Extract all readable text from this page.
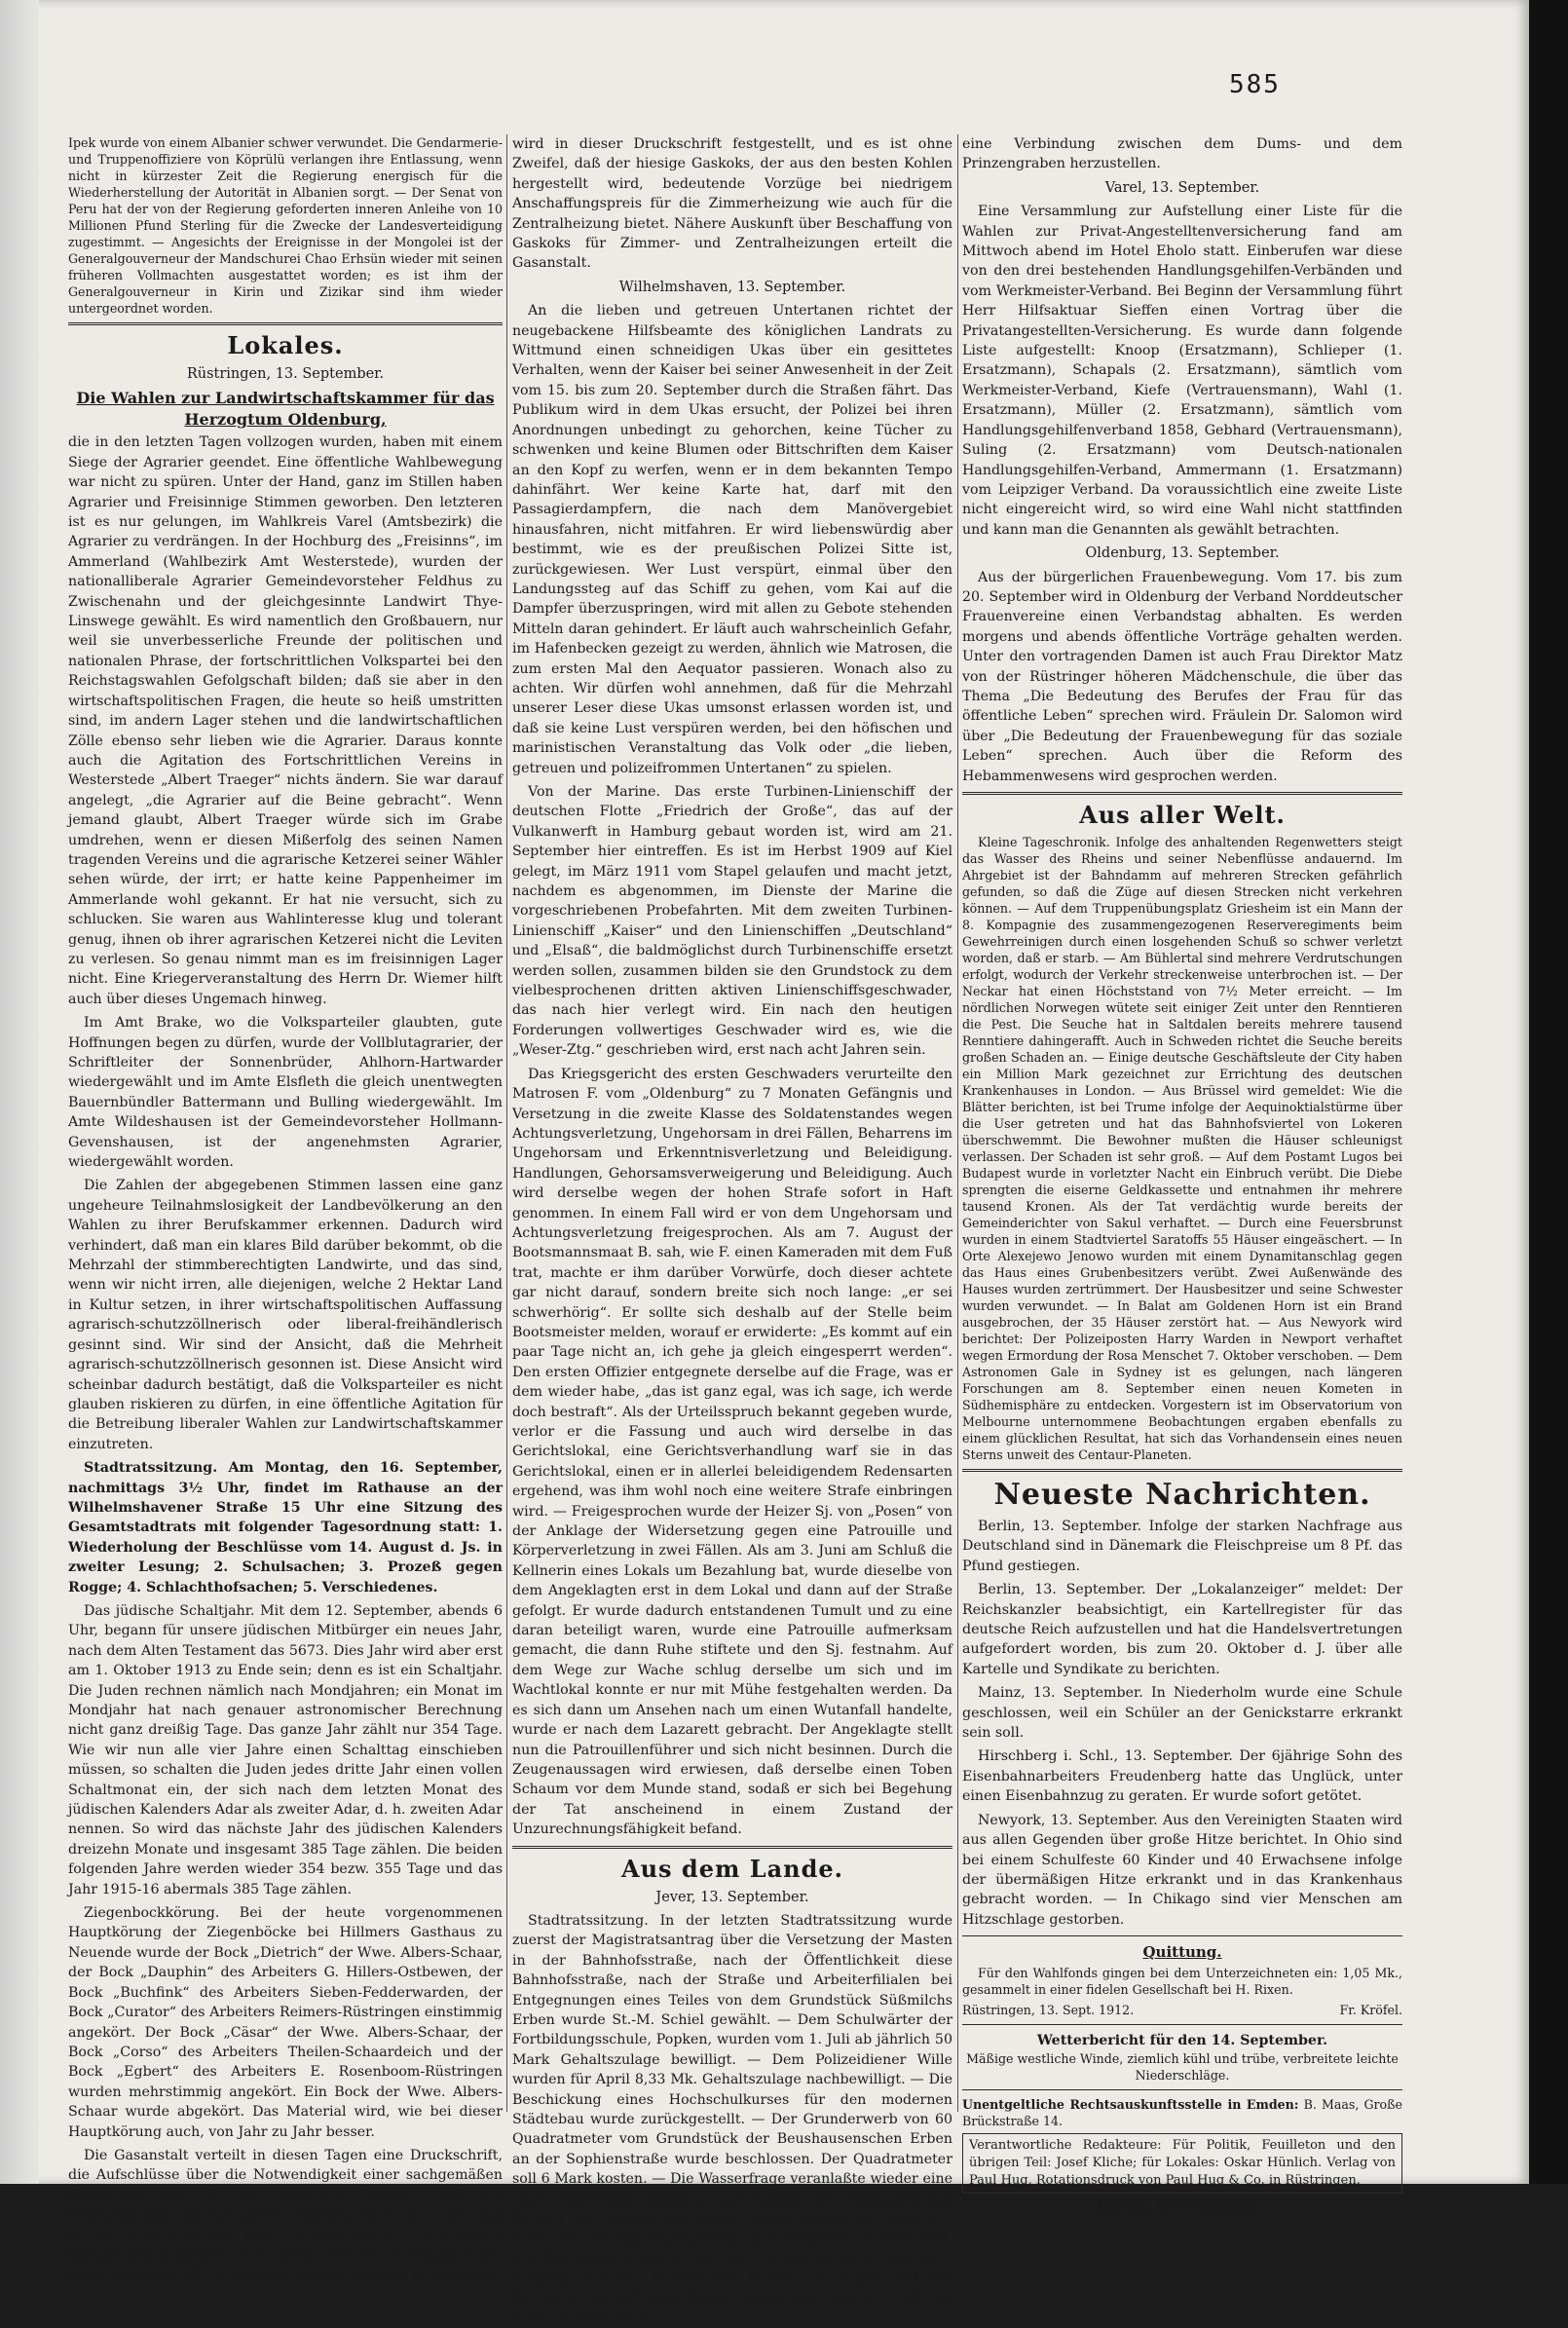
585

Ipek wurde von einem Albanier schwer verwundet. Die Gendarmerie- und Truppenoffiziere von Köprülü verlangen ihre Entlassung, wenn nicht in kürzester Zeit die Regierung energisch für die Wiederherstellung der Autorität in Albanien sorgt. — Der Senat von Peru hat der von der Regierung geforderten inneren Anleihe von 10 Millionen Pfund Sterling für die Zwecke der Landesverteidigung zugestimmt. — Angesichts der Ereignisse in der Mongolei ist der Generalgouverneur der Mandschurei Chao Erhsün wieder mit seinen früheren Vollmachten ausgestattet worden; es ist ihm der Generalgouverneur in Kirin und Zizikar sind ihm wieder untergeordnet worden.

Lokales.
Rüstringen, 13. September.
Die Wahlen zur Landwirtschaftskammer für das Herzogtum Oldenburg,

die in den letzten Tagen vollzogen wurden, haben mit einem Siege der Agrarier geendet. Eine öffentliche Wahlbewegung war nicht zu spüren. Unter der Hand, ganz im Stillen haben Agrarier und Freisinnige Stimmen geworben. Den letzteren ist es nur gelungen, im Wahlkreis Varel (Amtsbezirk) die Agrarier zu verdrängen. In der Hochburg des „Freisinns“, im Ammerland (Wahlbezirk Amt Westerstede), wurden der nationalliberale Agrarier Gemeindevorsteher Feldhus zu Zwischenahn und der gleichgesinnte Landwirt Thye-Linswege gewählt. Es wird namentlich den Großbauern, nur weil sie unverbesserliche Freunde der politischen und nationalen Phrase, der fortschrittlichen Volkspartei bei den Reichstagswahlen Gefolgschaft bilden; daß sie aber in den wirtschaftspolitischen Fragen, die heute so heiß umstritten sind, im andern Lager stehen und die landwirtschaftlichen Zölle ebenso sehr lieben wie die Agrarier. Daraus konnte auch die Agitation des Fortschrittlichen Vereins in Westerstede „Albert Traeger“ nichts ändern. Sie war darauf angelegt, „die Agrarier auf die Beine gebracht“. Wenn jemand glaubt, Albert Traeger würde sich im Grabe umdrehen, wenn er diesen Mißerfolg des seinen Namen tragenden Vereins und die agrarische Ketzerei seiner Wähler sehen würde, der irrt; er hatte keine Pappenheimer im Ammerlande wohl gekannt. Er hat nie versucht, sich zu schlucken. Sie waren aus Wahlinteresse klug und tolerant genug, ihnen ob ihrer agrarischen Ketzerei nicht die Leviten zu verlesen. So genau nimmt man es im freisinnigen Lager nicht. Eine Kriegerveranstaltung des Herrn Dr. Wiemer hilft auch über dieses Ungemach hinweg.

Im Amt Brake, wo die Volksparteiler glaubten, gute Hoffnungen begen zu dürfen, wurde der Vollblutagrarier, der Schriftleiter der Sonnenbrüder, Ahlhorn-Hartwarder wiedergewählt und im Amte Elsfleth die gleich unentwegten Bauernbündler Battermann und Bulling wiedergewählt. Im Amte Wildeshausen ist der Gemeindevorsteher Hollmann-Gevenshausen, ist der angenehmsten Agrarier, wiedergewählt worden.

Die Zahlen der abgegebenen Stimmen lassen eine ganz ungeheure Teilnahmslosigkeit der Landbevölkerung an den Wahlen zu ihrer Berufskammer erkennen. Dadurch wird verhindert, daß man ein klares Bild darüber bekommt, ob die Mehrzahl der stimmberechtigten Landwirte, und das sind, wenn wir nicht irren, alle diejenigen, welche 2 Hektar Land in Kultur setzen, in ihrer wirtschaftspolitischen Auffassung agrarisch-schutzzöllnerisch oder liberal-freihändlerisch gesinnt sind. Wir sind der Ansicht, daß die Mehrheit agrarisch-schutzzöllnerisch gesonnen ist. Diese Ansicht wird scheinbar dadurch bestätigt, daß die Volksparteiler es nicht glauben riskieren zu dürfen, in eine öffentliche Agitation für die Betreibung liberaler Wahlen zur Landwirtschaftskammer einzutreten.

Stadtratssitzung. Am Montag, den 16. September, nachmittags 3½ Uhr, findet im Rathause an der Wilhelmshavener Straße 15 Uhr eine Sitzung des Gesamtstadtrats mit folgender Tagesordnung statt: 1. Wiederholung der Beschlüsse vom 14. August d. Js. in zweiter Lesung; 2. Schulsachen; 3. Prozeß gegen Rogge; 4. Schlachthofsachen; 5. Verschiedenes.

Das jüdische Schaltjahr. Mit dem 12. September, abends 6 Uhr, begann für unsere jüdischen Mitbürger ein neues Jahr, nach dem Alten Testament das 5673. Dies Jahr wird aber erst am 1. Oktober 1913 zu Ende sein; denn es ist ein Schaltjahr. Die Juden rechnen nämlich nach Mondjahren; ein Monat im Mondjahr hat nach genauer astronomischer Berechnung nicht ganz dreißig Tage. Das ganze Jahr zählt nur 354 Tage. Wie wir nun alle vier Jahre einen Schalttag einschieben müssen, so schalten die Juden jedes dritte Jahr einen vollen Schaltmonat ein, der sich nach dem letzten Monat des jüdischen Kalenders Adar als zweiter Adar, d. h. zweiten Adar nennen. So wird das nächste Jahr des jüdischen Kalenders dreizehn Monate und insgesamt 385 Tage zählen. Die beiden folgenden Jahre werden wieder 354 bezw. 355 Tage und das Jahr 1915-16 abermals 385 Tage zählen.

Ziegenbockkörung. Bei der heute vorgenommenen Hauptkörung der Ziegenböcke bei Hillmers Gasthaus zu Neuende wurde der Bock „Dietrich“ der Wwe. Albers-Schaar, der Bock „Dauphin“ des Arbeiters G. Hillers-Ostbewen, der Bock „Buchfink“ des Arbeiters Sieben-Fedderwarden, der Bock „Curator“ des Arbeiters Reimers-Rüstringen einstimmig angekört. Der Bock „Cäsar“ der Wwe. Albers-Schaar, der Bock „Corso“ des Arbeiters Theilen-Schaardeich und der Bock „Egbert“ des Arbeiters E. Rosenboom-Rüstringen wurden mehrstimmig angekört. Ein Bock der Wwe. Albers-Schaar wurde abgekört. Das Material wird, wie bei dieser Hauptkörung auch, von Jahr zu Jahr besser.

Die Gasanstalt verteilt in diesen Tagen eine Druckschrift, die Aufschlüsse über die Notwendigkeit einer sachgemäßen Beheizung gibt. Bei der heutigen Tatsache, daß die Heizungsfrage, die für unsere Volksbefinden im Winter von großer Bedeutung ist, noch vielfach mit einem geringen Verständnis behandelt wird, wenn man die Wichtigkeit der Frage verkennt. Die Bedeutung von Gaskoks als Heizmaterial

wird in dieser Druckschrift festgestellt, und es ist ohne Zweifel, daß der hiesige Gaskoks, der aus den besten Kohlen hergestellt wird, bedeutende Vorzüge bei niedrigem Anschaffungspreis für die Zimmerheizung wie auch für die Zentralheizung bietet. Nähere Auskunft über Beschaffung von Gaskoks für Zimmer- und Zentralheizungen erteilt die Gasanstalt.

Wilhelmshaven, 13. September.

An die lieben und getreuen Untertanen richtet der neugebackene Hilfsbeamte des königlichen Landrats zu Wittmund einen schneidigen Ukas über ein gesittetes Verhalten, wenn der Kaiser bei seiner Anwesenheit in der Zeit vom 15. bis zum 20. September durch die Straßen fährt. Das Publikum wird in dem Ukas ersucht, der Polizei bei ihren Anordnungen unbedingt zu gehorchen, keine Tücher zu schwenken und keine Blumen oder Bittschriften dem Kaiser an den Kopf zu werfen, wenn er in dem bekannten Tempo dahinfährt. Wer keine Karte hat, darf mit den Passagierdampfern, die nach dem Manövergebiet hinausfahren, nicht mitfahren. Er wird liebenswürdig aber bestimmt, wie es der preußischen Polizei Sitte ist, zurückgewiesen. Wer Lust verspürt, einmal über den Landungssteg auf das Schiff zu gehen, vom Kai auf die Dampfer überzuspringen, wird mit allen zu Gebote stehenden Mitteln daran gehindert. Er läuft auch wahrscheinlich Gefahr, im Hafenbecken gezeigt zu werden, ähnlich wie Matrosen, die zum ersten Mal den Aequator passieren. Wonach also zu achten. Wir dürfen wohl annehmen, daß für die Mehrzahl unserer Leser diese Ukas umsonst erlassen worden ist, und daß sie keine Lust verspüren werden, bei den höfischen und marinistischen Veranstaltung das Volk oder „die lieben, getreuen und polizeifrommen Untertanen“ zu spielen.

Von der Marine. Das erste Turbinen-Linienschiff der deutschen Flotte „Friedrich der Große“, das auf der Vulkanwerft in Hamburg gebaut worden ist, wird am 21. September hier eintreffen. Es ist im Herbst 1909 auf Kiel gelegt, im März 1911 vom Stapel gelaufen und macht jetzt, nachdem es abgenommen, im Dienste der Marine die vorgeschriebenen Probefahrten. Mit dem zweiten Turbinen-Linienschiff „Kaiser“ und den Linienschiffen „Deutschland“ und „Elsaß“, die baldmöglichst durch Turbinenschiffe ersetzt werden sollen, zusammen bilden sie den Grundstock zu dem vielbesprochenen dritten aktiven Linienschiffsgeschwader, das nach hier verlegt wird. Ein nach den heutigen Forderungen vollwertiges Geschwader wird es, wie die „Weser-Ztg.“ geschrieben wird, erst nach acht Jahren sein.

Das Kriegsgericht des ersten Geschwaders verurteilte den Matrosen F. vom „Oldenburg“ zu 7 Monaten Gefängnis und Versetzung in die zweite Klasse des Soldatenstandes wegen Achtungsverletzung, Ungehorsam in drei Fällen, Beharrens im Ungehorsam und Erkenntnisverletzung und Beleidigung. Handlungen, Gehorsamsverweigerung und Beleidigung. Auch wird derselbe wegen der hohen Strafe sofort in Haft genommen. In einem Fall wird er von dem Ungehorsam und Achtungsverletzung freigesprochen. Als am 7. August der Bootsmannsmaat B. sah, wie F. einen Kameraden mit dem Fuß trat, machte er ihm darüber Vorwürfe, doch dieser achtete gar nicht darauf, sondern breite sich noch lange: „er sei schwerhörig“. Er sollte sich deshalb auf der Stelle beim Bootsmeister melden, worauf er erwiderte: „Es kommt auf ein paar Tage nicht an, ich gehe ja gleich eingesperrt werden“. Den ersten Offizier entgegnete derselbe auf die Frage, was er dem wieder habe, „das ist ganz egal, was ich sage, ich werde doch bestraft“. Als der Urteilsspruch bekannt gegeben wurde, verlor er die Fassung und auch wird derselbe in das Gerichtslokal, eine Gerichtsverhandlung warf sie in das Gerichtslokal, einen er in allerlei beleidigendem Redensarten ergehend, was ihm wohl noch eine weitere Strafe einbringen wird. — Freigesprochen wurde der Heizer Sj. von „Posen“ von der Anklage der Widersetzung gegen eine Patrouille und Körperverletzung in zwei Fällen. Als am 3. Juni am Schluß die Kellnerin eines Lokals um Bezahlung bat, wurde dieselbe von dem Angeklagten erst in dem Lokal und dann auf der Straße gefolgt. Er wurde dadurch entstandenen Tumult und zu eine daran beteiligt waren, wurde eine Patrouille aufmerksam gemacht, die dann Ruhe stiftete und den Sj. festnahm. Auf dem Wege zur Wache schlug derselbe um sich und im Wachtlokal konnte er nur mit Mühe festgehalten werden. Da es sich dann um Ansehen nach um einen Wutanfall handelte, wurde er nach dem Lazarett gebracht. Der Angeklagte stellt nun die Patrouillenführer und sich nicht besinnen. Durch die Zeugenaussagen wird erwiesen, daß derselbe einen Toben Schaum vor dem Munde stand, sodaß er sich bei Begehung der Tat anscheinend in einem Zustand der Unzurechnungsfähigkeit befand.

Aus dem Lande.
Jever, 13. September.

Stadtratssitzung. In der letzten Stadtratssitzung wurde zuerst der Magistratsantrag über die Versetzung der Masten in der Bahnhofsstraße, nach der Öffentlichkeit diese Bahnhofsstraße, nach der Straße und Arbeiterfilialen bei Entgegnungen eines Teiles von dem Grundstück Süßmilchs Erben wurde St.-M. Schiel gewählt. — Dem Schulwärter der Fortbildungsschule, Popken, wurden vom 1. Juli ab jährlich 50 Mark Gehaltszulage bewilligt. — Dem Polizeidiener Wille wurden für April 8,33 Mk. Gehaltszulage nachbewilligt. — Die Beschickung eines Hochschulkurses für den modernen Städtebau wurde zurückgestellt. — Der Grunderwerb von 60 Quadratmeter vom Grundstück der Beushausenschen Erben an der Sophienstraße wurde beschlossen. Der Quadratmeter soll 6 Mark kosten. — Die Wasserfrage veranlaßte wieder eine recht stürmische Debatte. Der Ankauf des Fettköterschen Werkes von seiten der Stadt wurde abgelehnt. Dagegen wurde der Antrag angenommen, den Magistrat zu ersuchen, bei der Firma Fettköter anzufragen, ob sie bereit sei, eine Leitung nach der elektrischen Zentrale zu legen und das Wasser zu ermäßigten Preisen dahin abzugeben. — Weiter wurde beschlossen,

eine Verbindung zwischen dem Dums- und dem Prinzengraben herzustellen.

Varel, 13. September.

Eine Versammlung zur Aufstellung einer Liste für die Wahlen zur Privat-Angestelltenversicherung fand am Mittwoch abend im Hotel Eholo statt. Einberufen war diese von den drei bestehenden Handlungsgehilfen-Verbänden und vom Werkmeister-Verband. Bei Beginn der Versammlung führt Herr Hilfsaktuar Sieffen einen Vortrag über die Privatangestellten-Versicherung. Es wurde dann folgende Liste aufgestellt: Knoop (Ersatzmann), Schlieper (1. Ersatzmann), Schapals (2. Ersatzmann), sämtlich vom Werkmeister-Verband, Kiefe (Vertrauensmann), Wahl (1. Ersatzmann), Müller (2. Ersatzmann), sämtlich vom Handlungsgehilfenverband 1858, Gebhard (Vertrauensmann), Suling (2. Ersatzmann) vom Deutsch-nationalen Handlungsgehilfen-Verband, Ammermann (1. Ersatzmann) vom Leipziger Verband. Da voraussichtlich eine zweite Liste nicht eingereicht wird, so wird eine Wahl nicht stattfinden und kann man die Genannten als gewählt betrachten.

Oldenburg, 13. September.

Aus der bürgerlichen Frauenbewegung. Vom 17. bis zum 20. September wird in Oldenburg der Verband Norddeutscher Frauenvereine einen Verbandstag abhalten. Es werden morgens und abends öffentliche Vorträge gehalten werden. Unter den vortragenden Damen ist auch Frau Direktor Matz von der Rüstringer höheren Mädchenschule, die über das Thema „Die Bedeutung des Berufes der Frau für das öffentliche Leben“ sprechen wird. Fräulein Dr. Salomon wird über „Die Bedeutung der Frauenbewegung für das soziale Leben“ sprechen. Auch über die Reform des Hebammenwesens wird gesprochen werden.

Aus aller Welt.

Kleine Tageschronik. Infolge des anhaltenden Regenwetters steigt das Wasser des Rheins und seiner Nebenflüsse andauernd. Im Ahrgebiet ist der Bahndamm auf mehreren Strecken gefährlich gefunden, so daß die Züge auf diesen Strecken nicht verkehren können. — Auf dem Truppenübungsplatz Griesheim ist ein Mann der 8. Kompagnie des zusammengezogenen Reserveregiments beim Gewehrreinigen durch einen losgehenden Schuß so schwer verletzt worden, daß er starb. — Am Bühlertal sind mehrere Verdrutschungen erfolgt, wodurch der Verkehr streckenweise unterbrochen ist. — Der Neckar hat einen Höchststand von 7½ Meter erreicht. — Im nördlichen Norwegen wütete seit einiger Zeit unter den Renntieren die Pest. Die Seuche hat in Saltdalen bereits mehrere tausend Renntiere dahingerafft. Auch in Schweden richtet die Seuche bereits großen Schaden an. — Einige deutsche Geschäftsleute der City haben ein Million Mark gezeichnet zur Errichtung des deutschen Krankenhauses in London. — Aus Brüssel wird gemeldet: Wie die Blätter berichten, ist bei Trume infolge der Aequinoktialstürme über die User getreten und hat das Bahnhofsviertel von Lokeren überschwemmt. Die Bewohner mußten die Häuser schleunigst verlassen. Der Schaden ist sehr groß. — Auf dem Postamt Lugos bei Budapest wurde in vorletzter Nacht ein Einbruch verübt. Die Diebe sprengten die eiserne Geldkassette und entnahmen ihr mehrere tausend Kronen. Als der Tat verdächtig wurde bereits der Gemeinderichter von Sakul verhaftet. — Durch eine Feuersbrunst wurden in einem Stadtviertel Saratoffs 55 Häuser eingeäschert. — In Orte Alexejewo Jenowo wurden mit einem Dynamitanschlag gegen das Haus eines Grubenbesitzers verübt. Zwei Außenwände des Hauses wurden zertrümmert. Der Hausbesitzer und seine Schwester wurden verwundet. — In Balat am Goldenen Horn ist ein Brand ausgebrochen, der 35 Häuser zerstört hat. — Aus Newyork wird berichtet: Der Polizeiposten Harry Warden in Newport verhaftet wegen Ermordung der Rosa Menschet 7. Oktober verschoben. — Dem Astronomen Gale in Sydney ist es gelungen, nach längeren Forschungen am 8. September einen neuen Kometen in Südhemisphäre zu entdecken. Vorgestern ist im Observatorium von Melbourne unternommene Beobachtungen ergaben ebenfalls zu einem glücklichen Resultat, hat sich das Vorhandensein eines neuen Sterns unweit des Centaur-Planeten.

Neueste Nachrichten.

Berlin, 13. September. Infolge der starken Nachfrage aus Deutschland sind in Dänemark die Fleischpreise um 8 Pf. das Pfund gestiegen.

Berlin, 13. September. Der „Lokalanzeiger“ meldet: Der Reichskanzler beabsichtigt, ein Kartellregister für das deutsche Reich aufzustellen und hat die Handelsvertretungen aufgefordert worden, bis zum 20. Oktober d. J. über alle Kartelle und Syndikate zu berichten.

Mainz, 13. September. In Niederholm wurde eine Schule geschlossen, weil ein Schüler an der Genickstarre erkrankt sein soll.

Hirschberg i. Schl., 13. September. Der 6jährige Sohn des Eisenbahnarbeiters Freudenberg hatte das Unglück, unter einen Eisenbahnzug zu geraten. Er wurde sofort getötet.

Newyork, 13. September. Aus den Vereinigten Staaten wird aus allen Gegenden über große Hitze berichtet. In Ohio sind bei einem Schulfeste 60 Kinder und 40 Erwachsene infolge der übermäßigen Hitze erkrankt und in das Krankenhaus gebracht worden. — In Chikago sind vier Menschen am Hitzschlage gestorben.

Quittung.

Für den Wahlfonds gingen bei dem Unterzeichneten ein: 1,05 Mk., gesammelt in einer fidelen Gesellschaft bei H. Rixen.

Rüstringen, 13. Sept. 1912.	Fr. Kröfel.
Wetterbericht für den 14. September.

Mäßige westliche Winde, ziemlich kühl und trübe, verbreitete leichte Niederschläge.

Unentgeltliche Rechtsauskunftsstelle in Emden: B. Maas, Große Brückstraße 14.
Verantwortliche Redakteure: Für Politik, Feuilleton und den übrigen Teil: Josef Kliche; für Lokales: Oskar Hünlich. Verlag von Paul Hug, Rotationsdruck von Paul Hug & Co. in Rüstringen.
Hierzu zwei Beilagen.
